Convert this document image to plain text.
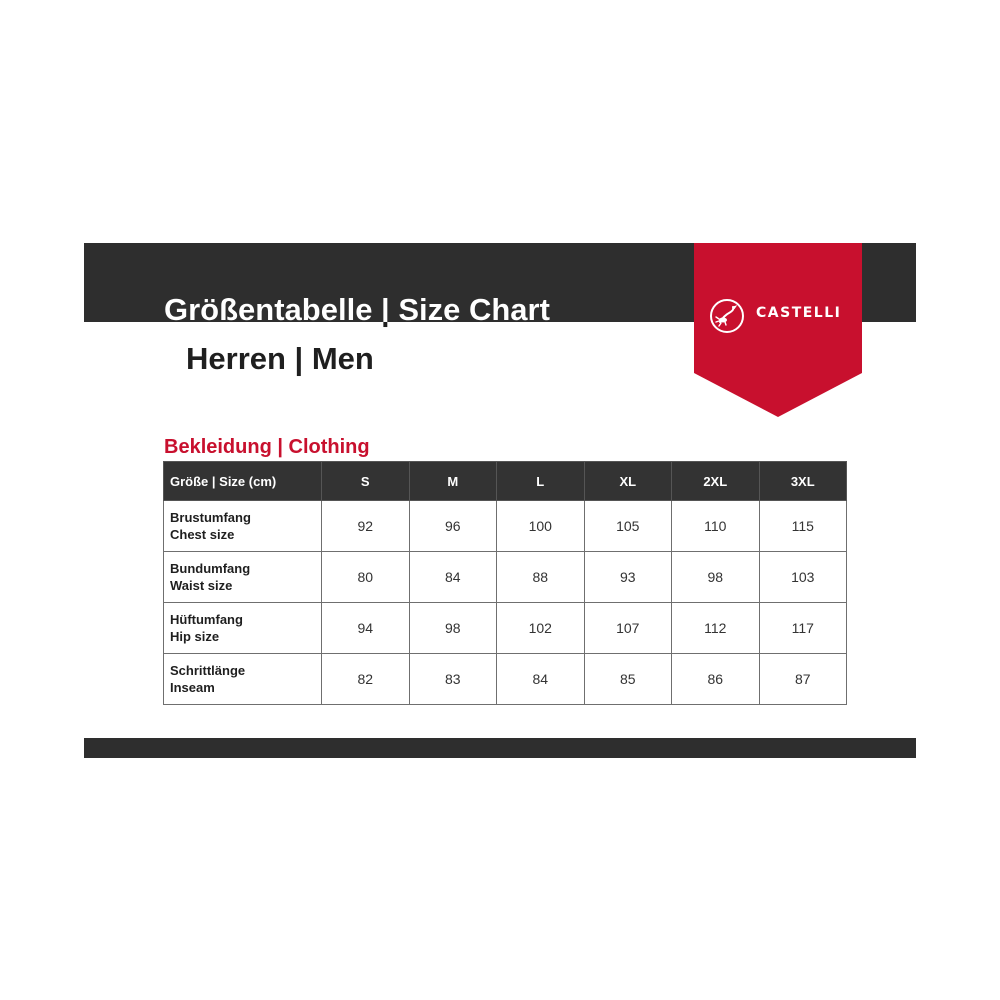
Größentabelle | Size Chart
Herren | Men
CASTELLI
Bekleidung | Clothing
Größe | Size (cm)	S	M	L	XL	2XL	3XL

Brustumfang
Chest size	92	96	100	105	110	115

Bundumfang
Waist size	80	84	88	93	98	103

Hüftumfang
Hip size	94	98	102	107	112	117

Schrittlänge
Inseam	82	83	84	85	86	87
